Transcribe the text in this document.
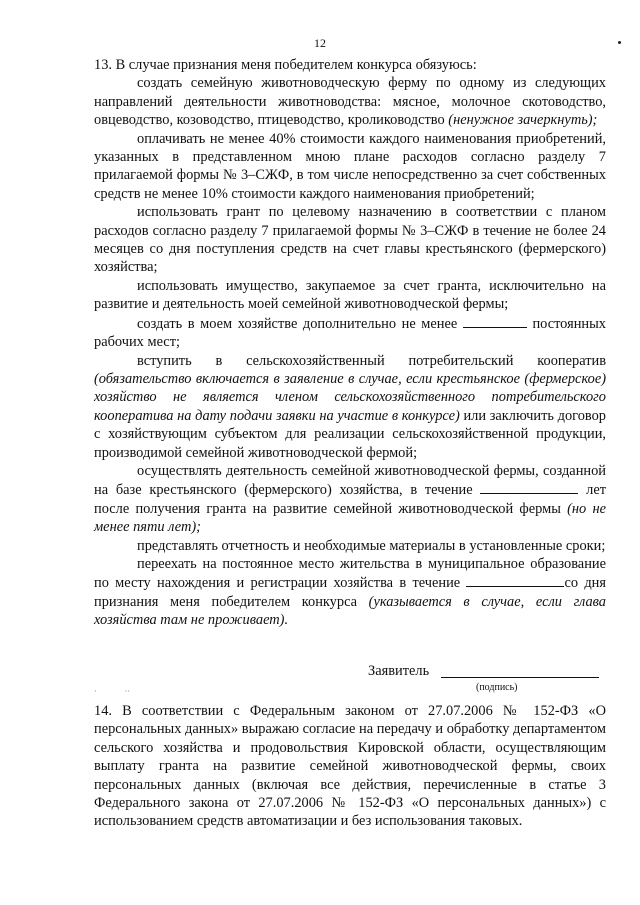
12

13. В случае признания меня победителем конкурса обязуюсь:

создать семейную животноводческую ферму по одному из следующих направлений деятельности животноводства: мясное, молочное скотоводство, овцеводство, козоводство, птицеводство, кролиководство (ненужное зачеркнуть);

оплачивать не менее 40% стоимости каждого наименования приобретений, указанных в представленном мною плане расходов согласно разделу 7 прилагаемой формы № 3–СЖФ, в том числе непосредственно за счет собственных средств не менее 10% стоимости каждого наименования приобретений;

использовать грант по целевому назначению в соответствии с планом расходов согласно разделу 7 прилагаемой формы № 3–СЖФ в течение не более 24 месяцев со дня поступления средств на счет главы крестьянского (фермерского) хозяйства;

использовать имущество, закупаемое за счет гранта, исключительно на развитие и деятельность моей семейной животноводческой фермы;

создать в моем хозяйстве дополнительно не менее	постоянных рабочих мест;

вступить в сельскохозяйственный потребительский кооператив (обязательство включается в заявление в случае, если крестьянское (фермерское) хозяйство не является членом сельскохозяйственного потребительского кооператива на дату подачи заявки на участие в конкурсе) или заключить договор с хозяйствующим субъектом для реализации сельскохозяйственной продукции, производимой семейной животноводческой фермой;

осуществлять деятельность семейной животноводческой фермы, созданной на базе крестьянского (фермерского) хозяйства, в течение	лет после получения гранта на развитие семейной животноводческой фермы (но не менее пяти лет);

представлять отчетность и необходимые материалы в установленные сроки;

переехать на постоянное место жительства в муниципальное образование по месту нахождения и регистрации хозяйства в течение	со дня признания меня победителем конкурса (указывается в случае, если глава хозяйства там не проживает).

Заявитель
(подпись)
·              ··

14. В соответствии с Федеральным законом от 27.07.2006 № 152-ФЗ «О персональных данных» выражаю согласие на передачу и обработку департаментом сельского хозяйства и продовольствия Кировской области, осуществляющим выплату гранта на развитие семейной животноводческой фермы, своих персональных данных (включая все действия, перечисленные в статье 3 Федерального закона от 27.07.2006 № 152-ФЗ «О персональных данных») с использованием средств автоматизации и без использования таковых.
